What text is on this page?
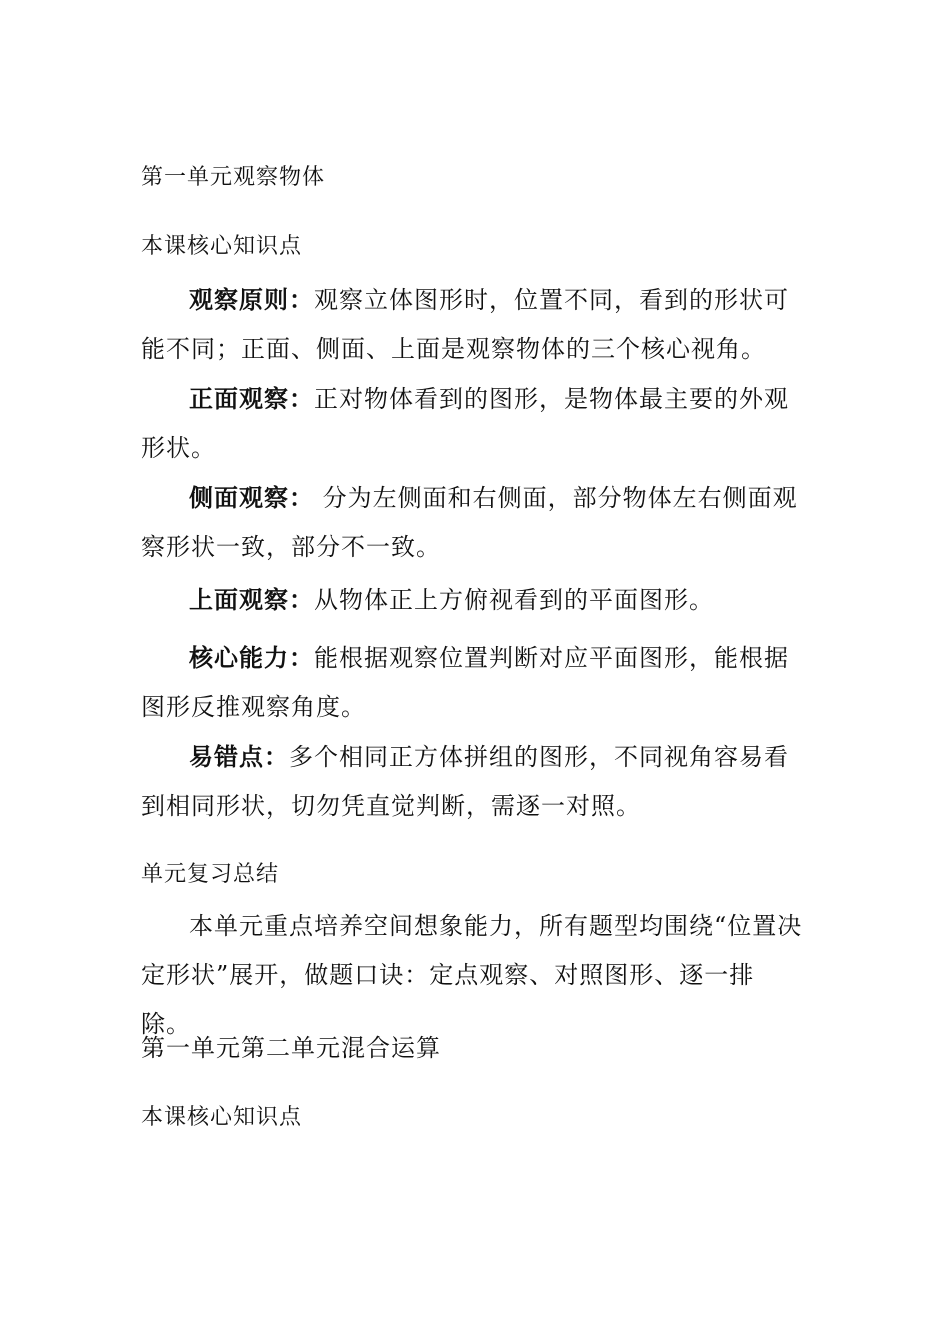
第一单元观察物体
本课核心知识点

观察原则：观察立体图形时，位置不同，看到的形状可能不同；正面、侧面、上面是观察物体的三个核心视角。

正面观察：正对物体看到的图形，是物体最主要的外观形状。

侧面观察： 分为左侧面和右侧面，部分物体左右侧面观察形状一致，部分不一致。

上面观察：从物体正上方俯视看到的平面图形。

核心能力：能根据观察位置判断对应平面图形，能根据图形反推观察角度。

易错点：多个相同正方体拼组的图形，不同视角容易看到相同形状，切勿凭直觉判断，需逐一对照。

单元复习总结

本单元重点培养空间想象能力，所有题型均围绕“位置决定形状”展开，做题口诀：定点观察、对照图形、逐一排除。

第一单元第二单元混合运算
本课核心知识点
